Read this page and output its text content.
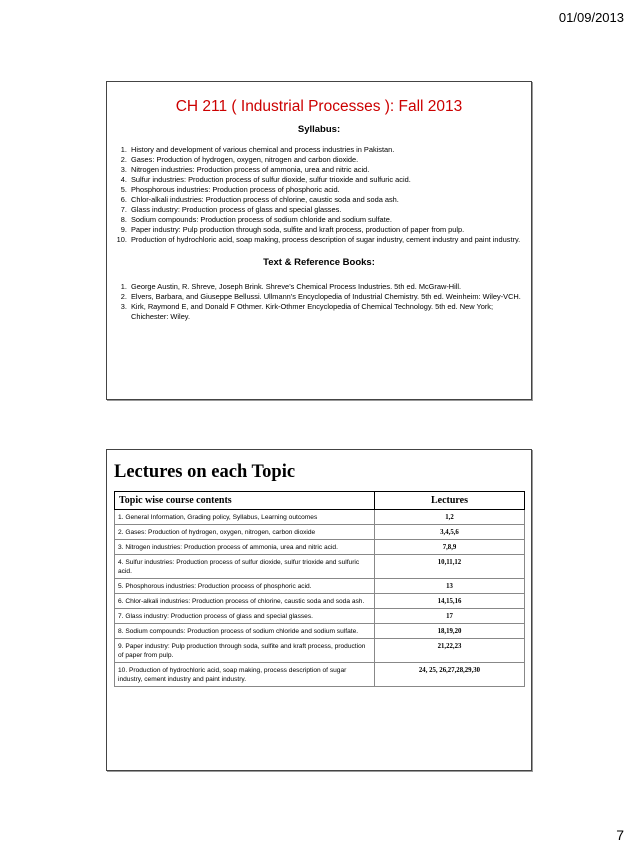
01/09/2013
CH 211 ( Industrial Processes ): Fall 2013
Syllabus:
1. History and development of various chemical and process industries in Pakistan.
2. Gases: Production of hydrogen, oxygen, nitrogen and carbon dioxide.
3. Nitrogen industries: Production process of ammonia, urea and nitric acid.
4. Sulfur industries: Production process of sulfur dioxide, sulfur trioxide and sulfuric acid.
5. Phosphorous industries: Production process of phosphoric acid.
6. Chlor-alkali industries: Production process of chlorine, caustic soda and soda ash.
7. Glass industry: Production process of glass and special glasses.
8. Sodium compounds: Production process of sodium chloride and sodium sulfate.
9. Paper industry: Pulp production through soda, sulfite and kraft process, production of paper from pulp.
10. Production of hydrochloric acid, soap making, process description of sugar industry, cement industry and paint industry.
Text & Reference Books:
1. George Austin, R. Shreve, Joseph Brink. Shreve’s Chemical Process Industries. 5th ed. McGraw-Hill.
2. Elvers, Barbara, and Giuseppe Bellussi. Ullmann’s Encyclopedia of Industrial Chemistry. 5th ed. Weinheim: Wiley-VCH.
3. Kirk, Raymond E, and Donald F Othmer. Kirk-Othmer Encyclopedia of Chemical Technology. 5th ed. New York; Chichester: Wiley.
Lectures on each Topic
Topic wise course contents	Lectures
1. General Information, Grading policy, Syllabus, Learning outcomes	1,2
2. Gases: Production of hydrogen, oxygen, nitrogen, carbon dioxide	3,4,5,6
3. Nitrogen industries: Production process of ammonia, urea and nitric acid.	7,8,9
4. Sulfur industries: Production process of sulfur dioxide, sulfur trioxide and sulfuric acid.	10,11,12
5. Phosphorous industries: Production process of phosphoric acid.	13
6. Chlor-alkali industries: Production process of chlorine, caustic soda and soda ash.	14,15,16
7. Glass industry: Production process of glass and special glasses.	17
8. Sodium compounds: Production process of sodium chloride and sodium sulfate.	18,19,20
9. Paper industry: Pulp production through soda, sulfite and kraft process, production of paper from pulp.	21,22,23
10. Production of hydrochloric acid, soap making, process description of sugar industry, cement industry and paint industry.	24, 25, 26,27,28,29,30
7
